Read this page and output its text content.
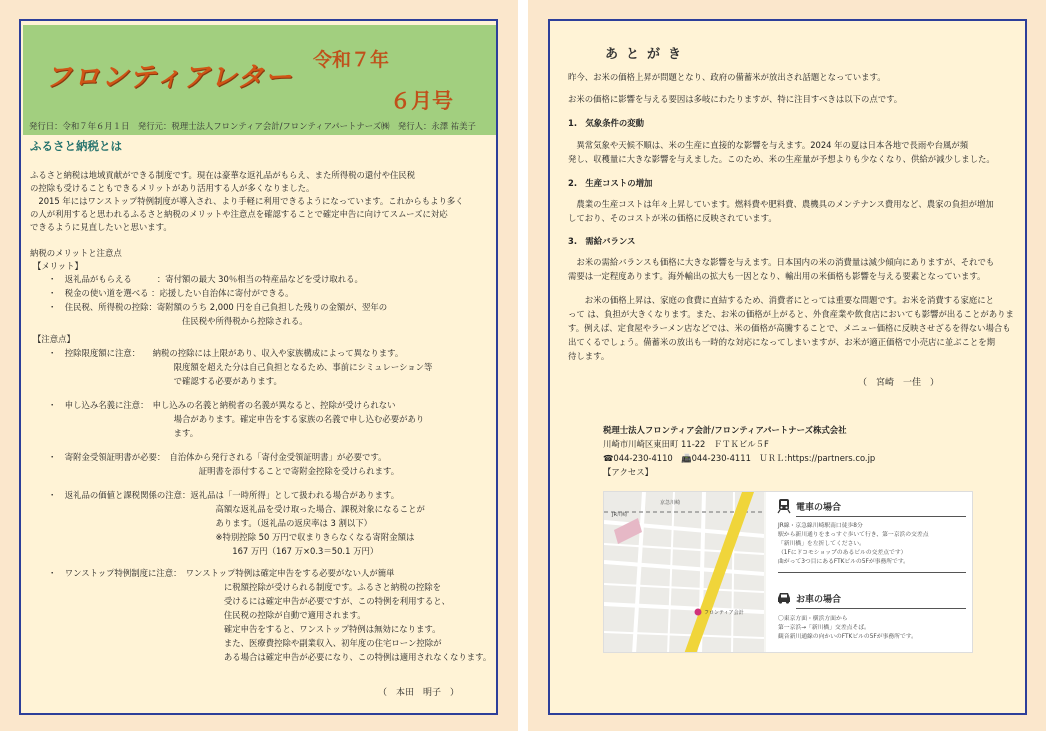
フロンティアレター
令和７年
６月号
発行日：令和７年６月１日　発行元：税理士法人フロンティア会計/フロンティアパートナーズ㈱　発行人：永澤 祐美子
ふるさと納税とは
ふるさと納税は地域貢献ができる制度です。現在は豪華な返礼品がもらえ、また所得税の還付や住民税
の控除も受けることもできるメリットがあり活用する人が多くなりました。
　2015 年にはワンストップ特例制度が導入され、より手軽に利用できるようになっています。これからもより多く
の人が利用すると思われるふるさと納税のメリットや注意点を確認することで確定申告に向けてスムーズに対応
できるように見直したいと思います。
納税のメリットと注意点
【メリット】
・　返礼品がもらえる　　　：寄付額の最大 30％相当の特産品などを受け取れる。
・　税金の使い道を選べる ：応援したい自治体に寄付ができる。
・　住民税、所得税の控除：寄附額のうち 2,000 円を自己負担した残りの金額が、翌年の
　　　　　　　　　　　　　　　　住民税や所得税から控除される。
【注意点】
・　控除限度額に注意：　　納税の控除には上限があり、収入や家族構成によって異なります。
　　　　　　　　　　　　　　　限度額を超えた分は自己負担となるため、事前にシミュレーション等
　　　　　　　　　　　　　　　で確認する必要があります。
・　申し込み名義に注意：　申し込みの名義と納税者の名義が異なると、控除が受けられない
　　　　　　　　　　　　　　　場合があります。確定申告をする家族の名義で申し込む必要があり
　　　　　　　　　　　　　　　ます。
・　寄附金受領証明書が必要：　自治体から発行される「寄付金受領証明書」が必要です。
　　　　　　　　　　　　　　　　　　証明書を添付することで寄附金控除を受けられます。
・　返礼品の価値と課税関係の注意：返礼品は「一時所得」として扱われる場合があります。
　　　　　　　　　　　　　　　　　　　　高額な返礼品を受け取った場合、課税対象になることが
　　　　　　　　　　　　　　　　　　　　あります。（返礼品の返戻率は 3 割以下）
　　　　　　　　　　　　　　　　　　　　※特別控除 50 万円で収まりきらなくなる寄附金額は
　　　　　　　　　　　　　　　　　　　　　　167 万円（167 万×0.3＝50.1 万円）
・　ワンストップ特例制度に注意：　ワンストップ特例は確定申告をする必要がない人が簡単
　　　　　　　　　　　　　　　　　　　　　に税額控除が受けられる制度です。ふるさと納税の控除を
　　　　　　　　　　　　　　　　　　　　　受けるには確定申告が必要ですが、この特例を利用すると、
　　　　　　　　　　　　　　　　　　　　　住民税の控除が自動で適用されます。
　　　　　　　　　　　　　　　　　　　　　確定申告をすると、ワンストップ特例は無効になります。
　　　　　　　　　　　　　　　　　　　　　また、医療費控除や副業収入、初年度の住宅ローン控除が
　　　　　　　　　　　　　　　　　　　　　ある場合は確定申告が必要になり、この特例は適用されなくなります。
（　本田　明子　）
あとがき
昨今、お米の価格上昇が問題となり、政府の備蓄米が放出され話題となっています。
お米の価格に影響を与える要因は多岐にわたりますが、特に注目すべきは以下の点です。
1.　気象条件の変動
　異常気象や天候不順は、米の生産に直接的な影響を与えます。2024 年の夏は日本各地で長雨や台風が頻
発し、収穫量に大きな影響を与えました。このため、米の生産量が予想よりも少なくなり、供給が減少しました。
2.　生産コストの増加
　農業の生産コストは年々上昇しています。燃料費や肥料費、農機具のメンテナンス費用など、農家の負担が増加
しており、そのコストが米の価格に反映されています。
3.　需給バランス
　お米の需給バランスも価格に大きな影響を与えます。日本国内の米の消費量は減少傾向にありますが、それでも
需要は一定程度あります。海外輸出の拡大も一因となり、輸出用の米価格も影響を与える要素となっています。
　　お米の価格上昇は、家庭の食費に直結するため、消費者にとっては重要な問題です。お米を消費する家庭にと
って は、負担が大きくなります。また、お米の価格が上がると、外食産業や飲食店においても影響が出ることがありま
す。例えば、定食屋やラーメン店などでは、米の価格が高騰することで、メニュー価格に反映させざるを得ない場合も
出てくるでしょう。備蓄米の放出も一時的な対応になってしまいますが、お米が適正価格で小売店に並ぶことを期
待します。
（　宮崎　一佳　）
税理士法人フロンティア会計/フロンティアパートナーズ株式会社
川崎市川崎区東田町 11-22　ＦＴＫビル５F
☎044-230-4110　📠044-230-4111　ＵＲＬ:https://partners.co.jp
【アクセス】
JR川崎
フロンティア会計
京急川崎	電車の場合
JR線・京急線川崎駅南口徒歩8分
駅から新川通りをまっすぐ歩いて行き、第一京浜の交差点
「新川橋」を左折してください。
（1Fにドコモショップのあるビルの交差点です）
曲がって3つ目にあるFTKビルの5Fが事務所です。
お車の場合
〇東京方面・横浜方面から
第一京浜→「新川橋」交差点そば。
観音新川通線の向かいのFTKビルの5Fが事務所です。
